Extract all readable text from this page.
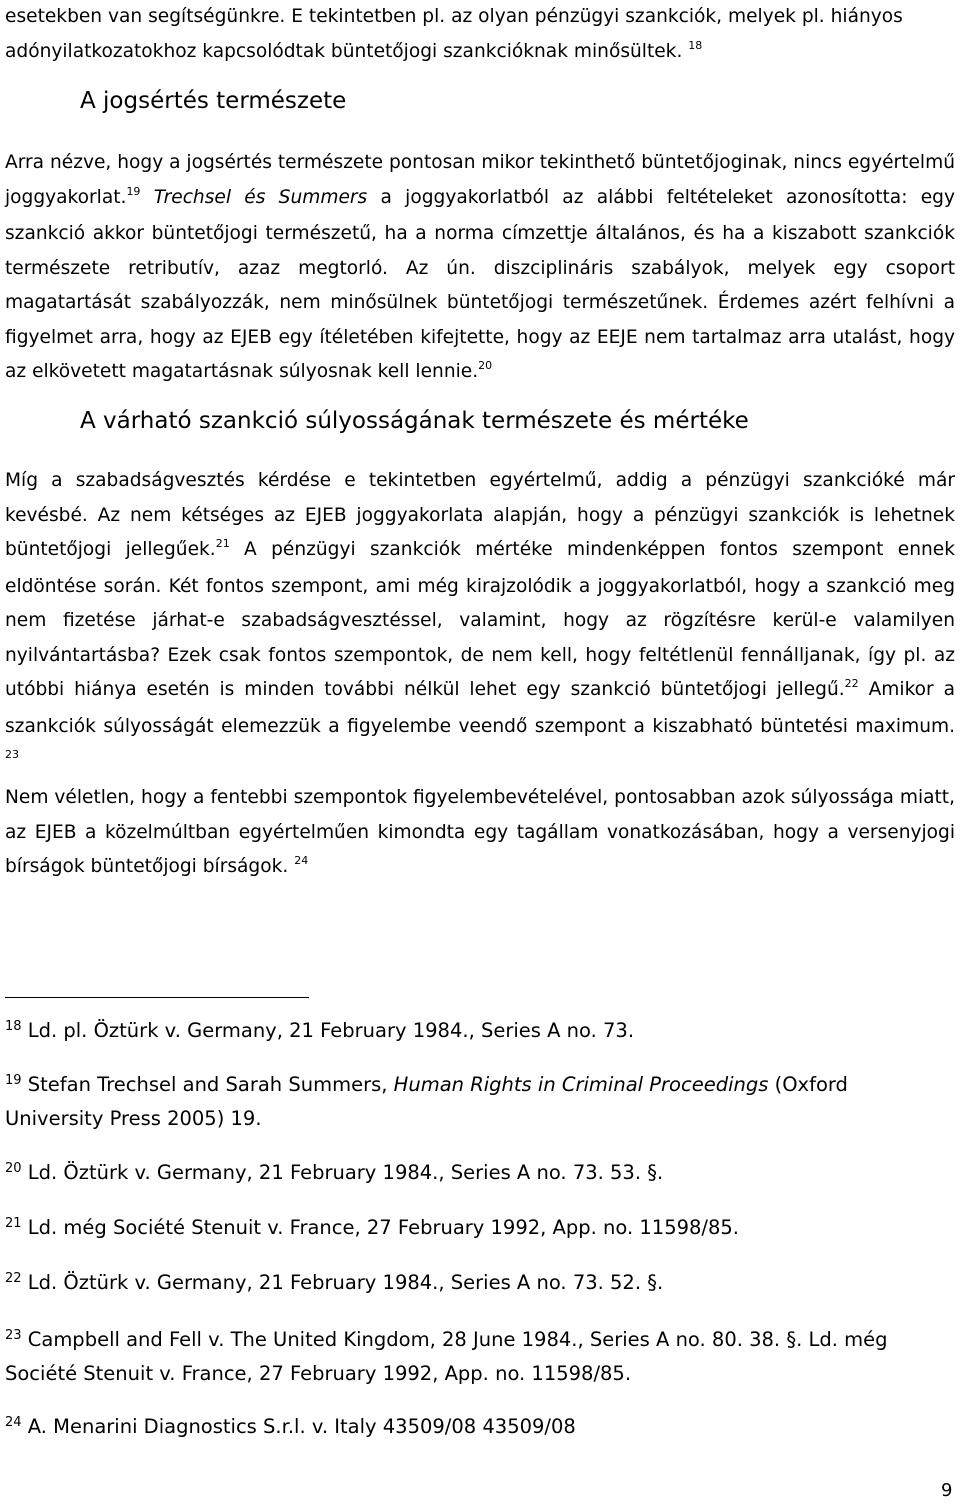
esetekben van segítségünkre. E tekintetben pl. az olyan pénzügyi szankciók, melyek pl. hiányos

adónyilatkozatokhoz kapcsolódtak büntetőjogi szankcióknak minősültek. $^{18}$

A jogsértés természete

Arra nézve, hogy a jogsértés természete pontosan mikor tekinthető büntetőjoginak, nincs egyértelmű joggyakorlat.$^{19}$ Trechsel és Summers a joggyakorlatból az alábbi feltételeket azonosította: egy szankció akkor büntetőjogi természetű, ha a norma címzettje általános, és ha a kiszabott szankciók természete retributív, azaz megtorló. Az ún. diszciplináris szabályok, melyek egy csoport magatartását szabályozzák, nem minősülnek büntetőjogi természetűnek. Érdemes azért felhívni a figyelmet arra, hogy az EJEB egy ítéletében kifejtette, hogy az EEJE nem tartalmaz arra utalást, hogy az elkövetett magatartásnak súlyosnak kell lennie.$^{20}$

A várható szankció súlyosságának természete és mértéke

Míg a szabadságvesztés kérdése e tekintetben egyértelmű, addig a pénzügyi szankcióké már kevésbé. Az nem kétséges az EJEB joggyakorlata alapján, hogy a pénzügyi szankciók is lehetnek büntetőjogi jellegűek.$^{21}$ A pénzügyi szankciók mértéke mindenképpen fontos szempont ennek eldöntése során. Két fontos szempont, ami még kirajzolódik a joggyakorlatból, hogy a szankció meg nem fizetése járhat-e szabadságvesztéssel, valamint, hogy az rögzítésre kerül-e valamilyen nyilvántartásba? Ezek csak fontos szempontok, de nem kell, hogy feltétlenül fennálljanak, így pl. az utóbbi hiánya esetén is minden további nélkül lehet egy szankció büntetőjogi jellegű.$^{22}$ Amikor a szankciók súlyosságát elemezzük a figyelembe veendő szempont a kiszabható büntetési maximum. $^{23}$

Nem véletlen, hogy a fentebbi szempontok figyelembevételével, pontosabban azok súlyossága miatt, az EJEB a közelmúltban egyértelműen kimondta egy tagállam vonatkozásában, hogy a versenyjogi bírságok büntetőjogi bírságok. $^{24}$

$^{18}$ Ld. pl. Öztürk v. Germany, 21 February 1984., Series A no. 73.

$^{19}$ Stefan Trechsel and Sarah Summers, Human Rights in Criminal Proceedings (Oxford University Press 2005) 19.

$^{20}$ Ld. Öztürk v. Germany, 21 February 1984., Series A no. 73. 53. §.

$^{21}$ Ld. még Société Stenuit v. France, 27 February 1992, App. no. 11598/85.

$^{22}$ Ld. Öztürk v. Germany, 21 February 1984., Series A no. 73. 52. §.

$^{23}$ Campbell and Fell v. The United Kingdom, 28 June 1984., Series A no. 80. 38. §. Ld. még Société Stenuit v. France, 27 February 1992, App. no. 11598/85.

$^{24}$ A. Menarini Diagnostics S.r.l. v. Italy 43509/08 43509/08

9
